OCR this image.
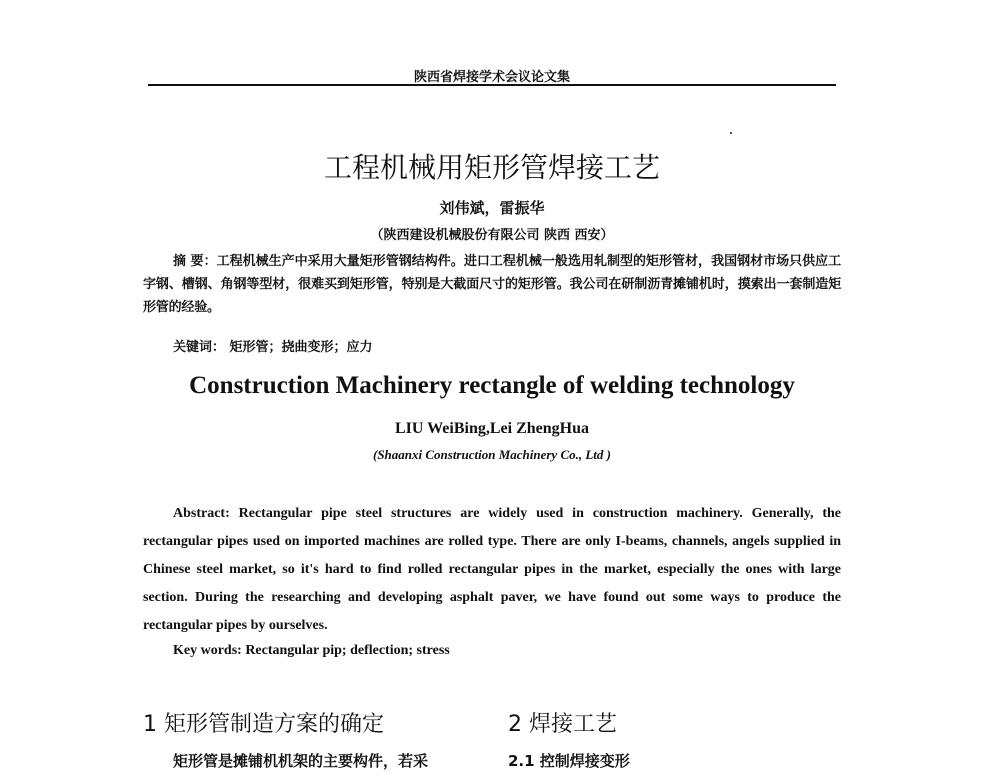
陕西省焊接学术会议论文集
工程机械用矩形管焊接工艺
刘伟斌，雷振华
（陕西建设机械股份有限公司 陕西 西安）
摘 要：工程机械生产中采用大量矩形管钢结构件。进口工程机械一般选用轧制型的矩形管材，我国钢材市场只供应工字钢、槽钢、角钢等型材，很难买到矩形管，特别是大截面尺寸的矩形管。我公司在研制沥青摊铺机时，摸索出一套制造矩形管的经验。
关键词： 矩形管；挠曲变形；应力
Construction Machinery rectangle of welding technology
LIU WeiBing,Lei ZhengHua
(Shaanxi Construction Machinery Co., Ltd )
Abstract: Rectangular pipe steel structures are widely used in construction machinery. Generally, the rectangular pipes used on imported machines are rolled type. There are only I-beams, channels, angels supplied in Chinese steel market, so it's hard to find rolled rectangular pipes in the market, especially the ones with large section. During the researching and developing asphalt paver, we have found out some ways to produce the rectangular pipes by ourselves.
Key words: Rectangular pip; deflection; stress
1 矩形管制造方案的确定	2 焊接工艺
矩形管是摊铺机机架的主要构件，若采	2.1 控制焊接变形
